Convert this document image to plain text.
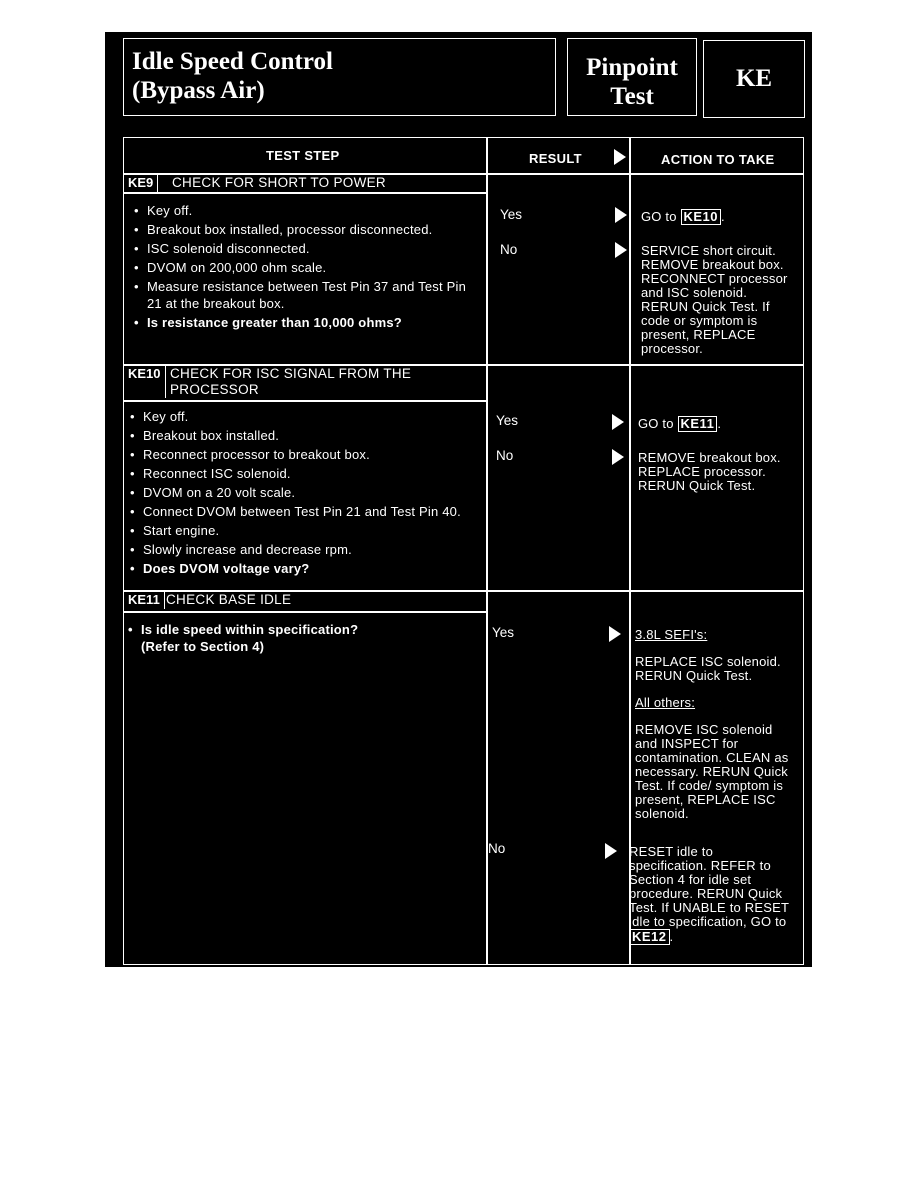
Idle Speed Control
(Bypass Air)
Pinpoint
Test
KE
TEST STEP	RESULT	ACTION TO TAKE
KE9	CHECK FOR SHORT TO POWER
• Key off.
• Breakout box installed, processor disconnected.
• ISC solenoid disconnected.
• DVOM on 200,000 ohm scale.
• Measure resistance between Test Pin 37 and Test Pin 21 at the breakout box.
• Is resistance greater than 10,000 ohms?
Yes	GO to KE10 .
No	SERVICE short circuit. REMOVE breakout box. RECONNECT processor and ISC solenoid. RERUN Quick Test. If code or symptom is present, REPLACE processor.
KE10 CHECK FOR ISC SIGNAL FROM THE
PROCESSOR
• Key off.
• Breakout box installed.
• Reconnect processor to breakout box.
• Reconnect ISC solenoid.
• DVOM on a 20 volt scale.
• Connect DVOM between Test Pin 21 and Test Pin 40.
• Start engine.
• Slowly increase and decrease rpm.
• Does DVOM voltage vary?
Yes	GO to KE11 .
No	REMOVE breakout box. REPLACE processor. RERUN Quick Test.
KE11 CHECK BASE IDLE
• Is idle speed within specification? (Refer to Section 4)
Yes	3.8L SEFI's:

REPLACE ISC solenoid. RERUN Quick Test.

All others:

REMOVE ISC solenoid and INSPECT for contamination. CLEAN as necessary. RERUN Quick Test. If code/ symptom is present, REPLACE ISC solenoid.

No	RESET idle to specification. REFER to Section 4 for idle set procedure. RERUN Quick Test. If UNABLE to RESET idle to specification, GO to KE12 .
